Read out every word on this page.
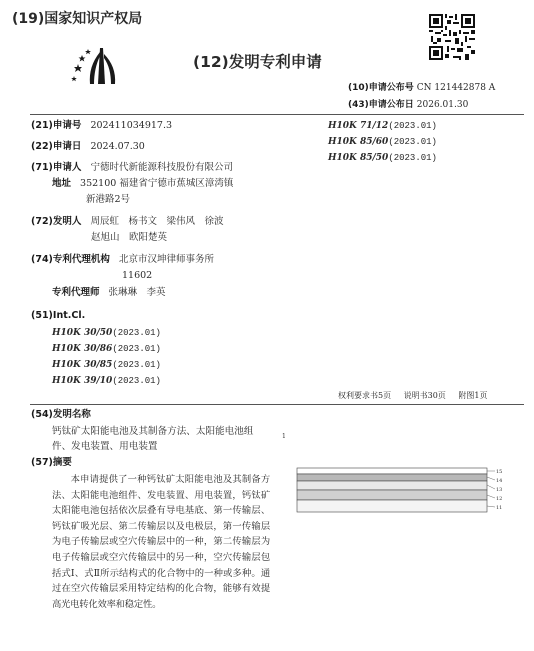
(19)国家知识产权局
(12)发明专利申请
(10)申请公布号 CN 121442878 A
(43)申请公布日 2026.01.30
(21)申请号 202411034917.3
(22)申请日 2024.07.30
(71)申请人 宁德时代新能源科技股份有限公司
地址 352100 福建省宁德市蕉城区漳湾镇
新港路2号
(72)发明人 周辰虹　杨书文　梁伟风　徐波
赵旭山　欧阳楚英
(74)专利代理机构 北京市汉坤律师事务所
11602
专利代理师 张琳琳　李英
(51)Int.Cl.
H10K 30/50(2023.01)
H10K 30/86(2023.01)
H10K 30/85(2023.01)
H10K 39/10(2023.01)
H10K 71/12(2023.01)
H10K 85/60(2023.01)
H10K 85/50(2023.01)
权利要求书5页 说明书30页 附图1页
(54)发明名称
钙钛矿太阳能电池及其制备方法、太阳能电池组件、发电装置、用电装置
(57)摘要
本申请提供了一种钙钛矿太阳能电池及其制备方法、太阳能电池组件、发电装置、用电装置，钙钛矿太阳能电池包括依次层叠有导电基底、第一传输层、钙钛矿吸光层、第二传输层以及电极层，第一传输层为电子传输层或空穴传输层中的一种，第二传输层为电子传输层或空穴传输层中的另一种，空穴传输层包括式Ⅰ、式Ⅱ所示结构式的化合物中的一种或多种。通过在空穴传输层采用特定结构的化合物，能够有效提高光电转化效率和稳定性。
1
15
14
13
12
11
